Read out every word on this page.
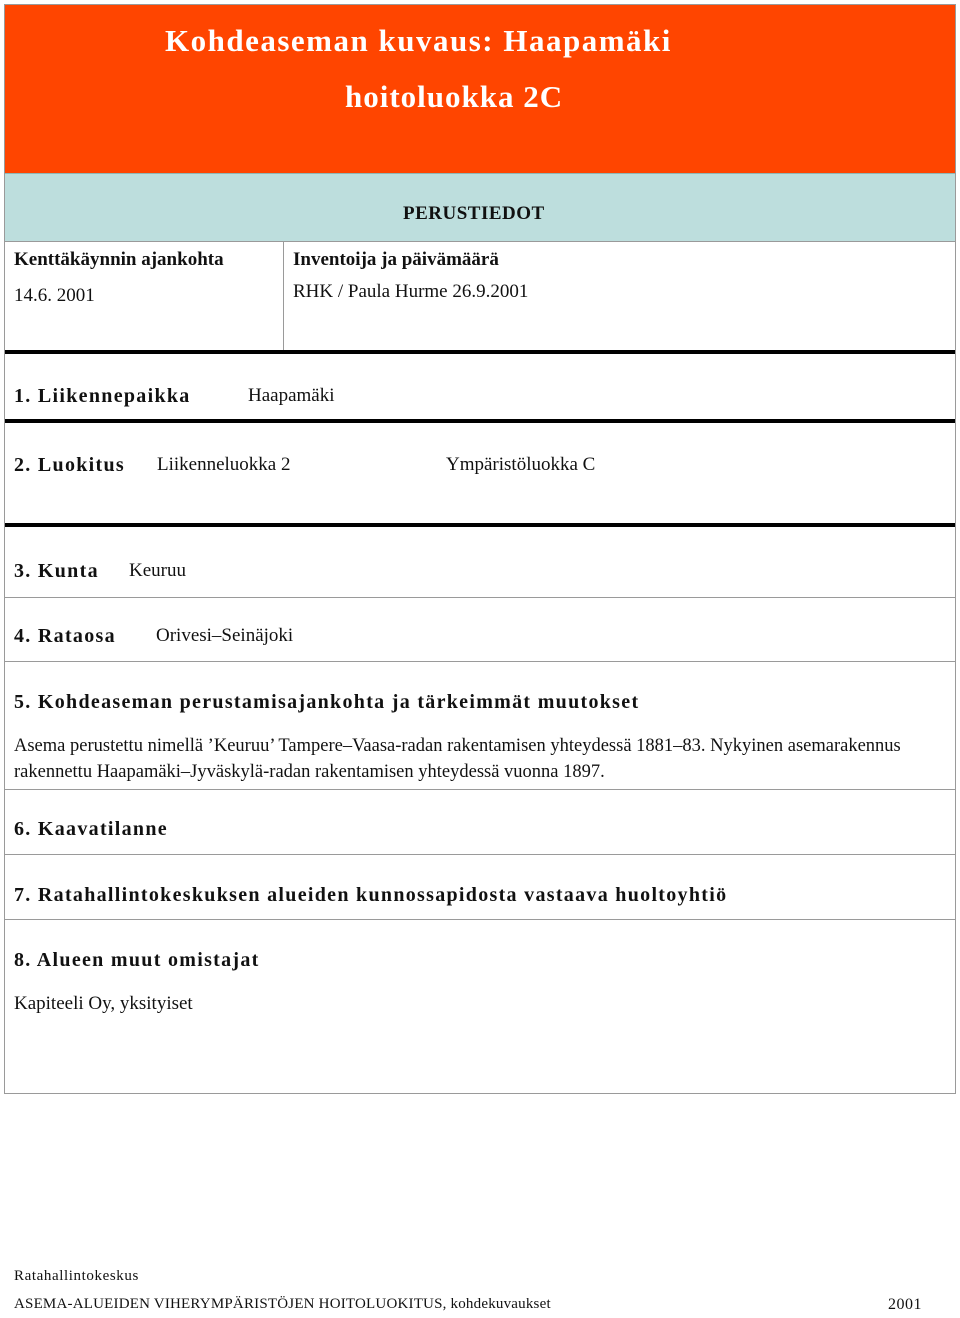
Kohdeaseman kuvaus: Haapamäki
hoitoluokka 2C
PERUSTIEDOT
Kenttäkäynnin ajankohta
14.6. 2001
Inventoija ja päivämäärä
RHK / Paula Hurme 26.9.2001
1. Liikennepaikka	Haapamäki
2. Luokitus Liikenneluokka 2	Ympäristöluokka C
3. Kunta Keuruu
4. Rataosa Orivesi–Seinäjoki
5. Kohdeaseman perustamisajankohta ja tärkeimmät muutokset
Asema perustettu nimellä ’Keuruu’ Tampere–Vaasa-radan rakentamisen yhteydessä 1881–83. Nykyinen asemarakennus rakennettu Haapamäki–Jyväskylä-radan rakentamisen yhteydessä vuonna 1897.
6. Kaavatilanne
7. Ratahallintokeskuksen alueiden kunnossapidosta vastaava huoltoyhtiö
8. Alueen muut omistajat
Kapiteeli Oy, yksityiset
Ratahallintokeskus
ASEMA-ALUEIDEN VIHERYMPÄRISTÖJEN HOITOLUOKITUS, kohdekuvaukset	2001
